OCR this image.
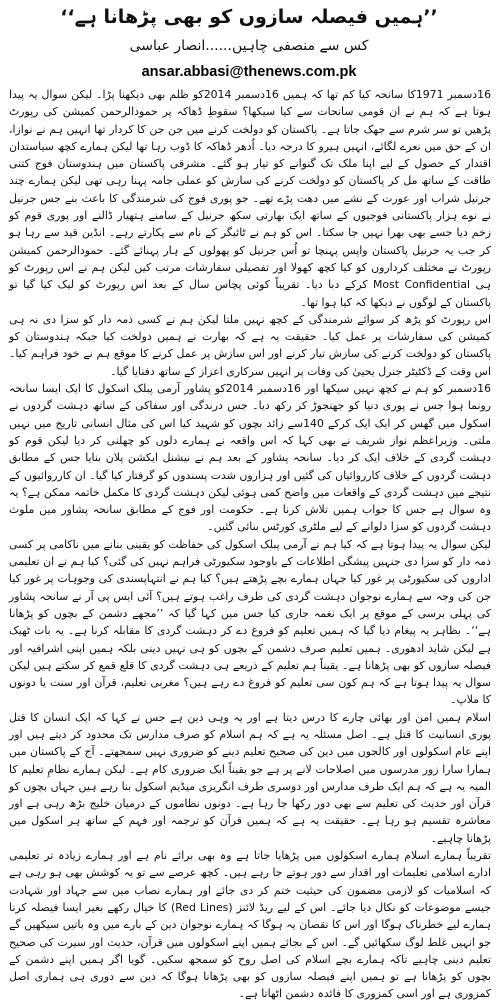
’’ہمیں فیصلہ سازوں کو بھی پڑھانا ہے‘‘
کس سے منصفی چاہیں......انصار عباسی
ansar.abbasi@thenews.com.pk

16دسمبر 1971کا سانحہ کیا کم تھا کہ ہمیں 16دسمبر 2014کو ظلم بھی دیکھنا پڑا۔ لیکن سوال یہ پیدا ہوتا ہے کہ ہم نے ان قومی سانحات سے کیا سیکھا؟ سقوطِ ڈھاکہ پر حمودالرحمن کمیشن کی رپورٹ پڑھیں تو سر شرم سے جھک جاتا ہے۔ پاکستان کو دولخت کرنے میں جن جن کا کردار تھا انہیں ہم نے نوازا، ان کے حق میں نعرے لگائے، انہیں ہیرو کا درجہ دیا۔ اُدھر ڈھاکہ کا ڈوب رہا تھا لیکن ہمارے کچھ سیاستدان اقتدار کے حصول کے لیے اپنا ملک تک گنوانے کو تیار ہو گئے۔ مشرقی پاکستان میں ہندوستان فوج کتنی طاقت کے ساتھ مل کر پاکستان کو دولخت کرنے کی سازش کو عملی جامہ پہنا رہی تھی لیکن ہمارے چند جرنیل شراب اور عورت کے نشے میں دھت پڑے تھے۔ جو پوری فوج کی شرمندگی کا باعث بنے جس جرنیل نے نوے ہزار پاکستانی فوجیوں کے ساتھ ایک بھارتی سکھ جرنیل کے سامنے ہتھیار ڈالنے اور پوری قوم کو زخم دیا جسے بھی بھرا نہیں جا سکتا۔ اس کو ہم نے ٹائیگر کے نام سے پکارتے رہے۔ انڈین قید سے رہا ہو کر جب یہ جرنیل پاکستان واپس پہنچا تو اُس جرنیل کو پھولوں کے ہار پہنائے گئے۔ حمودالرحمن کمیشن رپورٹ نے مختلف کرداروں کو کیا کچھ کھولا اور تفصیلی سفارشات مرتب کیں لیکن ہم نے اس رپورٹ کو ہی Most Confidential کرکے دبا دیا۔ تقریباً کوئی پچاس سال کے بعد اس رپورٹ کو لیک کیا گیا تو پاکستان کے لوگوں نے دیکھا کہ کیا ہوا تھا۔

اس رپورٹ کو پڑھ کر سوائے شرمندگی کے کچھ نہیں ملتا لیکن ہم نے کسی ذمہ دار کو سزا دی نہ ہی کمیشن کی سفارشات پر عمل کیا۔ حقیقت یہ ہے کہ بھارت نے ہمیں دولخت کیا جبکہ ہندوستان کو پاکستان کو دولخت کرنے کی سازش تیار کرنے اور اس سازش پر عمل کرنے کا موقع ہم نے خود فراہم کیا۔ اس وقت کے ڈکٹیٹر جنرل یحییٰ کی وفات پر انہیں سرکاری اعزاز کے ساتھ دفنایا گیا۔

16دسمبر کو ہم نے کچھ نہیں سیکھا اور 16دسمبر 2014کو پشاور آرمی پبلک اسکول کا ایک ایسا سانحہ رونما ہوا جس نے پوری دنیا کو جھنجوڑ کر رکھ دیا۔ جس درندگی اور سفاکی کے ساتھ دہشت گردوں نے اسکول میں گھس کر ایک ایک کرکے 140سے زائد بچوں کو شہید کیا اس کی مثال انسانی تاریخ میں نہیں ملتی۔ وزیراعظم نواز شریف نے بھی کہا کہ اس واقعہ نے ہمارے دلوں کو چھلنی کر دیا لیکن قوم کو دہشت گردی کے خلاف ایک کر دیا۔ سانحہ پشاور کے بعد ہم نے نیشنل ایکشن پلان بنایا جس کے مطابق دہشت گردوں کے خلاف کارروائیاں کی گئیں اور ہزاروں شدت پسندوں کو گرفتار کیا گیا۔ ان کارروائیوں کے نتیجے میں دہشت گردی کے واقعات میں واضح کمی ہوئی لیکن دہشت گردی کا مکمل خاتمہ ممکن ہے؟ یہ وہ سوال ہے جس کا جواب ہمیں تلاش کرنا ہے۔ حکومت اور فوج کے مطابق سانحہ پشاور میں ملوث دہشت گردوں کو سزا دلوانے کے لیے ملٹری کورٹس بنائی گئیں۔

لیکن سوال یہ پیدا ہوتا ہے کہ کیا ہم نے آرمی پبلک اسکول کی حفاظت کو یقینی بنانے میں ناکامی پر کسی ذمہ دار کو سزا دی جنہیں پیشگی اطلاعات کے باوجود سکیورٹی فراہم نہیں کی گئی؟ کیا ہم نے ان تعلیمی اداروں کی سکیورٹی پر غور کیا جہاں ہمارے بچے پڑھتے ہیں؟ کیا ہم نے انتہاپسندی کی وجوہات پر غور کیا جن کی وجہ سے ہمارے نوجوان دہشت گردی کی طرف راغب ہوتے ہیں؟ آئی ایس پی آر نے سانحہ پشاور کی پہلی برسی کے موقع پر ایک نغمہ جاری کیا جس میں کہا گیا کہ ’’مجھے دشمن کے بچوں کو پڑھانا ہے‘‘۔ بظاہر یہ پیغام دیا گیا کہ ہمیں تعلیم کو فروغ دے کر دہشت گردی کا مقابلہ کرنا ہے۔ یہ بات ٹھیک ہے لیکن شاید ادھوری۔ ہمیں تعلیم صرف دشمن کے بچوں کو ہی نہیں دینی بلکہ ہمیں اپنی اشرافیہ اور فیصلہ سازوں کو بھی پڑھانا ہے۔ یقیناً ہم تعلیم کے ذریعے ہی دہشت گردی کا قلع قمع کر سکتے ہیں لیکن سوال یہ پیدا ہوتا ہے کہ ہم کون سی تعلیم کو فروغ دے رہے ہیں؟ مغربی تعلیم، قرآن اور سنت یا دونوں کا ملاپ۔

اسلام ہمیں امن اور بھائی چارے کا درس دیتا ہے اور یہ وہی دین ہے جس نے کہا کہ ایک انسان کا قتل پوری انسانیت کا قتل ہے۔ اصل مسئلہ یہ ہے کہ ہم اسلام کو صرف مدارس تک محدود کر دیتے ہیں اور اپنے عام اسکولوں اور کالجوں میں دین کی صحیح تعلیم دینے کو ضروری نہیں سمجھتے۔ آج کے پاکستان میں ہمارا سارا زور مدرسوں میں اصلاحات لانے پر ہے جو یقیناً ایک ضروری کام ہے۔ لیکن ہمارے نظامِ تعلیم کا المیہ یہ ہے کہ ہم ایک طرف مدارس اور دوسری طرف انگریزی میڈیم اسکول بنا رہے ہیں جہاں بچوں کو قرآن اور حدیث کی تعلیم سے بھی دور رکھا جا رہا ہے۔ دونوں نظاموں کے درمیان خلیج بڑھ رہی ہے اور معاشرہ تقسیم ہو رہا ہے۔ حقیقت یہ ہے کہ ہمیں قرآن کو ترجمہ اور فہم کے ساتھ ہر اسکول میں پڑھانا چاہیے۔

تقریباً ہمارے اسلام ہمارے اسکولوں میں پڑھایا جاتا ہے وہ بھی برائے نام ہے اور ہمارے زیادہ تر تعلیمی ادارے اسلامی تعلیمات اور اقدار سے دور ہوتے جا رہے ہیں۔ کچھ عرصے سے تو یہ کوشش بھی ہو رہی ہے کہ اسلامیات کو لازمی مضمون کی حیثیت ختم کر دی جائے اور ہمارے نصاب میں سے جہاد اور شہادت جیسے موضوعات کو نکال دیا جائے۔ اس کے لیے ریڈ لائنز (Red Lines) کا خیال رکھے بغیر ایسا فیصلہ کرنا ہمارے لیے خطرناک ہوگا اور اس کا نقصان یہ ہوگا کہ ہمارے نوجوان دین کے بارے میں وہ باتیں سیکھیں گے جو انہیں غلط لوگ سکھائیں گے۔ اس کے بجائے ہمیں اپنے اسکولوں میں قرآن، حدیث اور سیرت کی صحیح تعلیم دینی چاہیے تاکہ ہمارے بچے اسلام کی اصل روح کو سمجھ سکیں۔ گویا اگر ہمیں اپنے دشمن کے بچوں کو پڑھانا ہے تو ہمیں اپنے فیصلہ سازوں کو بھی پڑھانا ہوگا کہ دین سے دوری ہی ہماری اصل کمزوری ہے اور اسی کمزوری کا فائدہ دشمن اٹھاتا ہے۔
